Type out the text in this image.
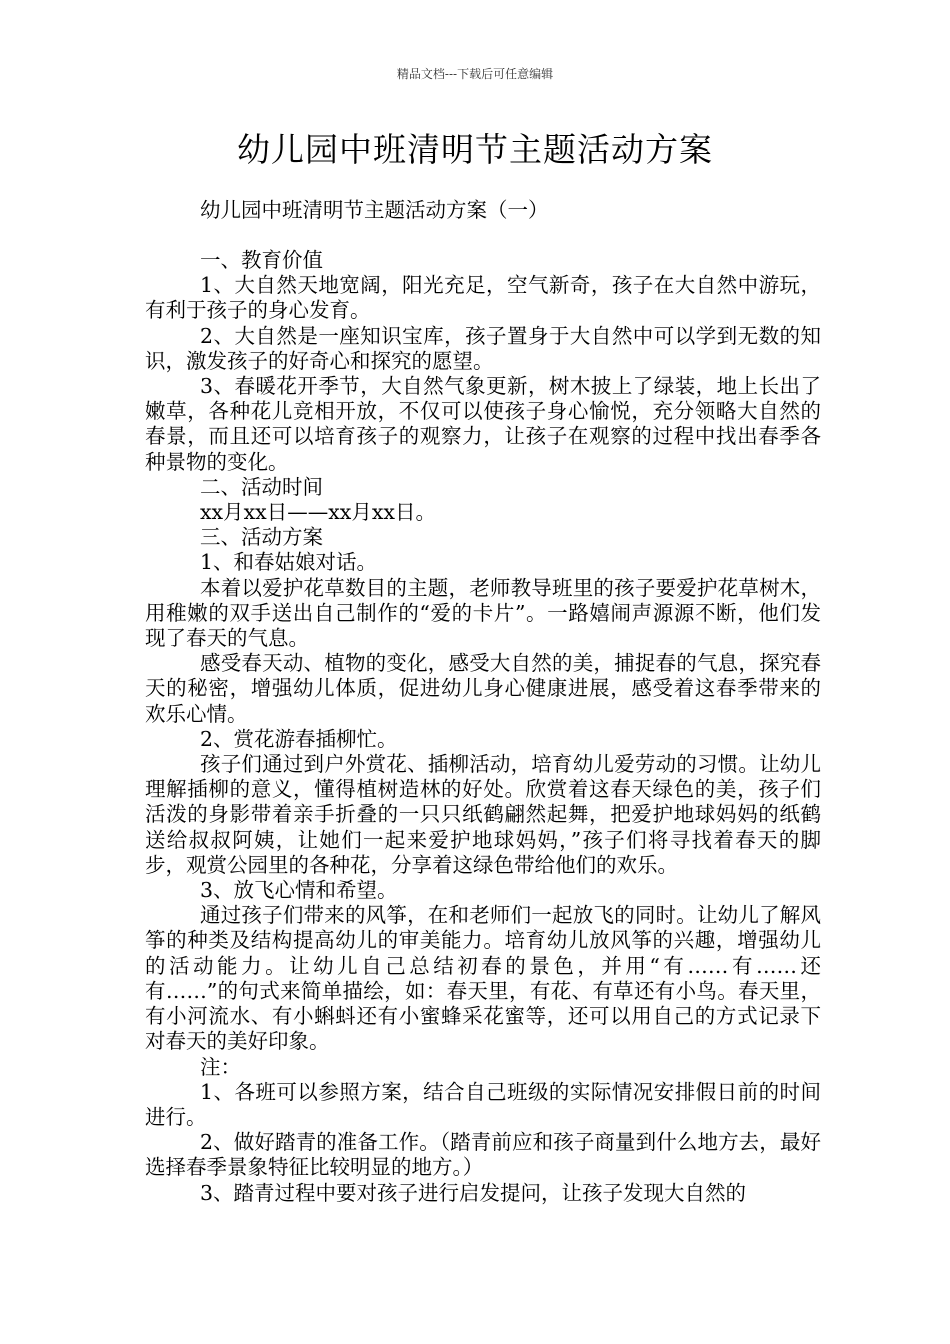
精品文档---下载后可任意编辑
幼儿园中班清明节主题活动方案
幼儿园中班清明节主题活动方案（一）

一、教育价值

1、大自然天地宽阔，阳光充足，空气新奇，孩子在大自然中游玩，有利于孩子的身心发育。

2、大自然是一座知识宝库，孩子置身于大自然中可以学到无数的知识，激发孩子的好奇心和探究的愿望。

3、春暖花开季节，大自然气象更新，树木披上了绿装，地上长出了嫩草，各种花儿竞相开放，不仅可以使孩子身心愉悦，充分领略大自然的春景，而且还可以培育孩子的观察力，让孩子在观察的过程中找出春季各种景物的变化。

二、活动时间

xx月xx日——xx月xx日。

三、活动方案

1、和春姑娘对话。

本着以爱护花草数目的主题，老师教导班里的孩子要爱护花草树木，用稚嫩的双手送出自己制作的“爱的卡片”。一路嬉闹声源源不断，他们发现了春天的气息。

感受春天动、植物的变化，感受大自然的美，捕捉春的气息，探究春天的秘密，增强幼儿体质，促进幼儿身心健康进展，感受着这春季带来的欢乐心情。

2、赏花游春插柳忙。

孩子们通过到户外赏花、插柳活动，培育幼儿爱劳动的习惯。让幼儿理解插柳的意义，懂得植树造林的好处。欣赏着这春天绿色的美，孩子们活泼的身影带着亲手折叠的一只只纸鹤翩然起舞，把爱护地球妈妈的纸鹤送给叔叔阿姨，让她们一起来爱护地球妈妈，”孩子们将寻找着春天的脚步，观赏公园里的各种花，分享着这绿色带给他们的欢乐。

3、放飞心情和希望。

通过孩子们带来的风筝，在和老师们一起放飞的同时。让幼儿了解风筝的种类及结构提高幼儿的审美能力。培育幼儿放风筝的兴趣，增强幼儿的活动能力。让幼儿自己总结初春的景色，并用“有……有……还有……”的句式来简单描绘，如：春天里，有花、有草还有小鸟。春天里，有小河流水、有小蝌蚪还有小蜜蜂采花蜜等，还可以用自己的方式记录下对春天的美好印象。

注：

1、各班可以参照方案，结合自己班级的实际情况安排假日前的时间进行。

2、做好踏青的准备工作。（踏青前应和孩子商量到什么地方去，最好选择春季景象特征比较明显的地方。）

3、踏青过程中要对孩子进行启发提问，让孩子发现大自然的
